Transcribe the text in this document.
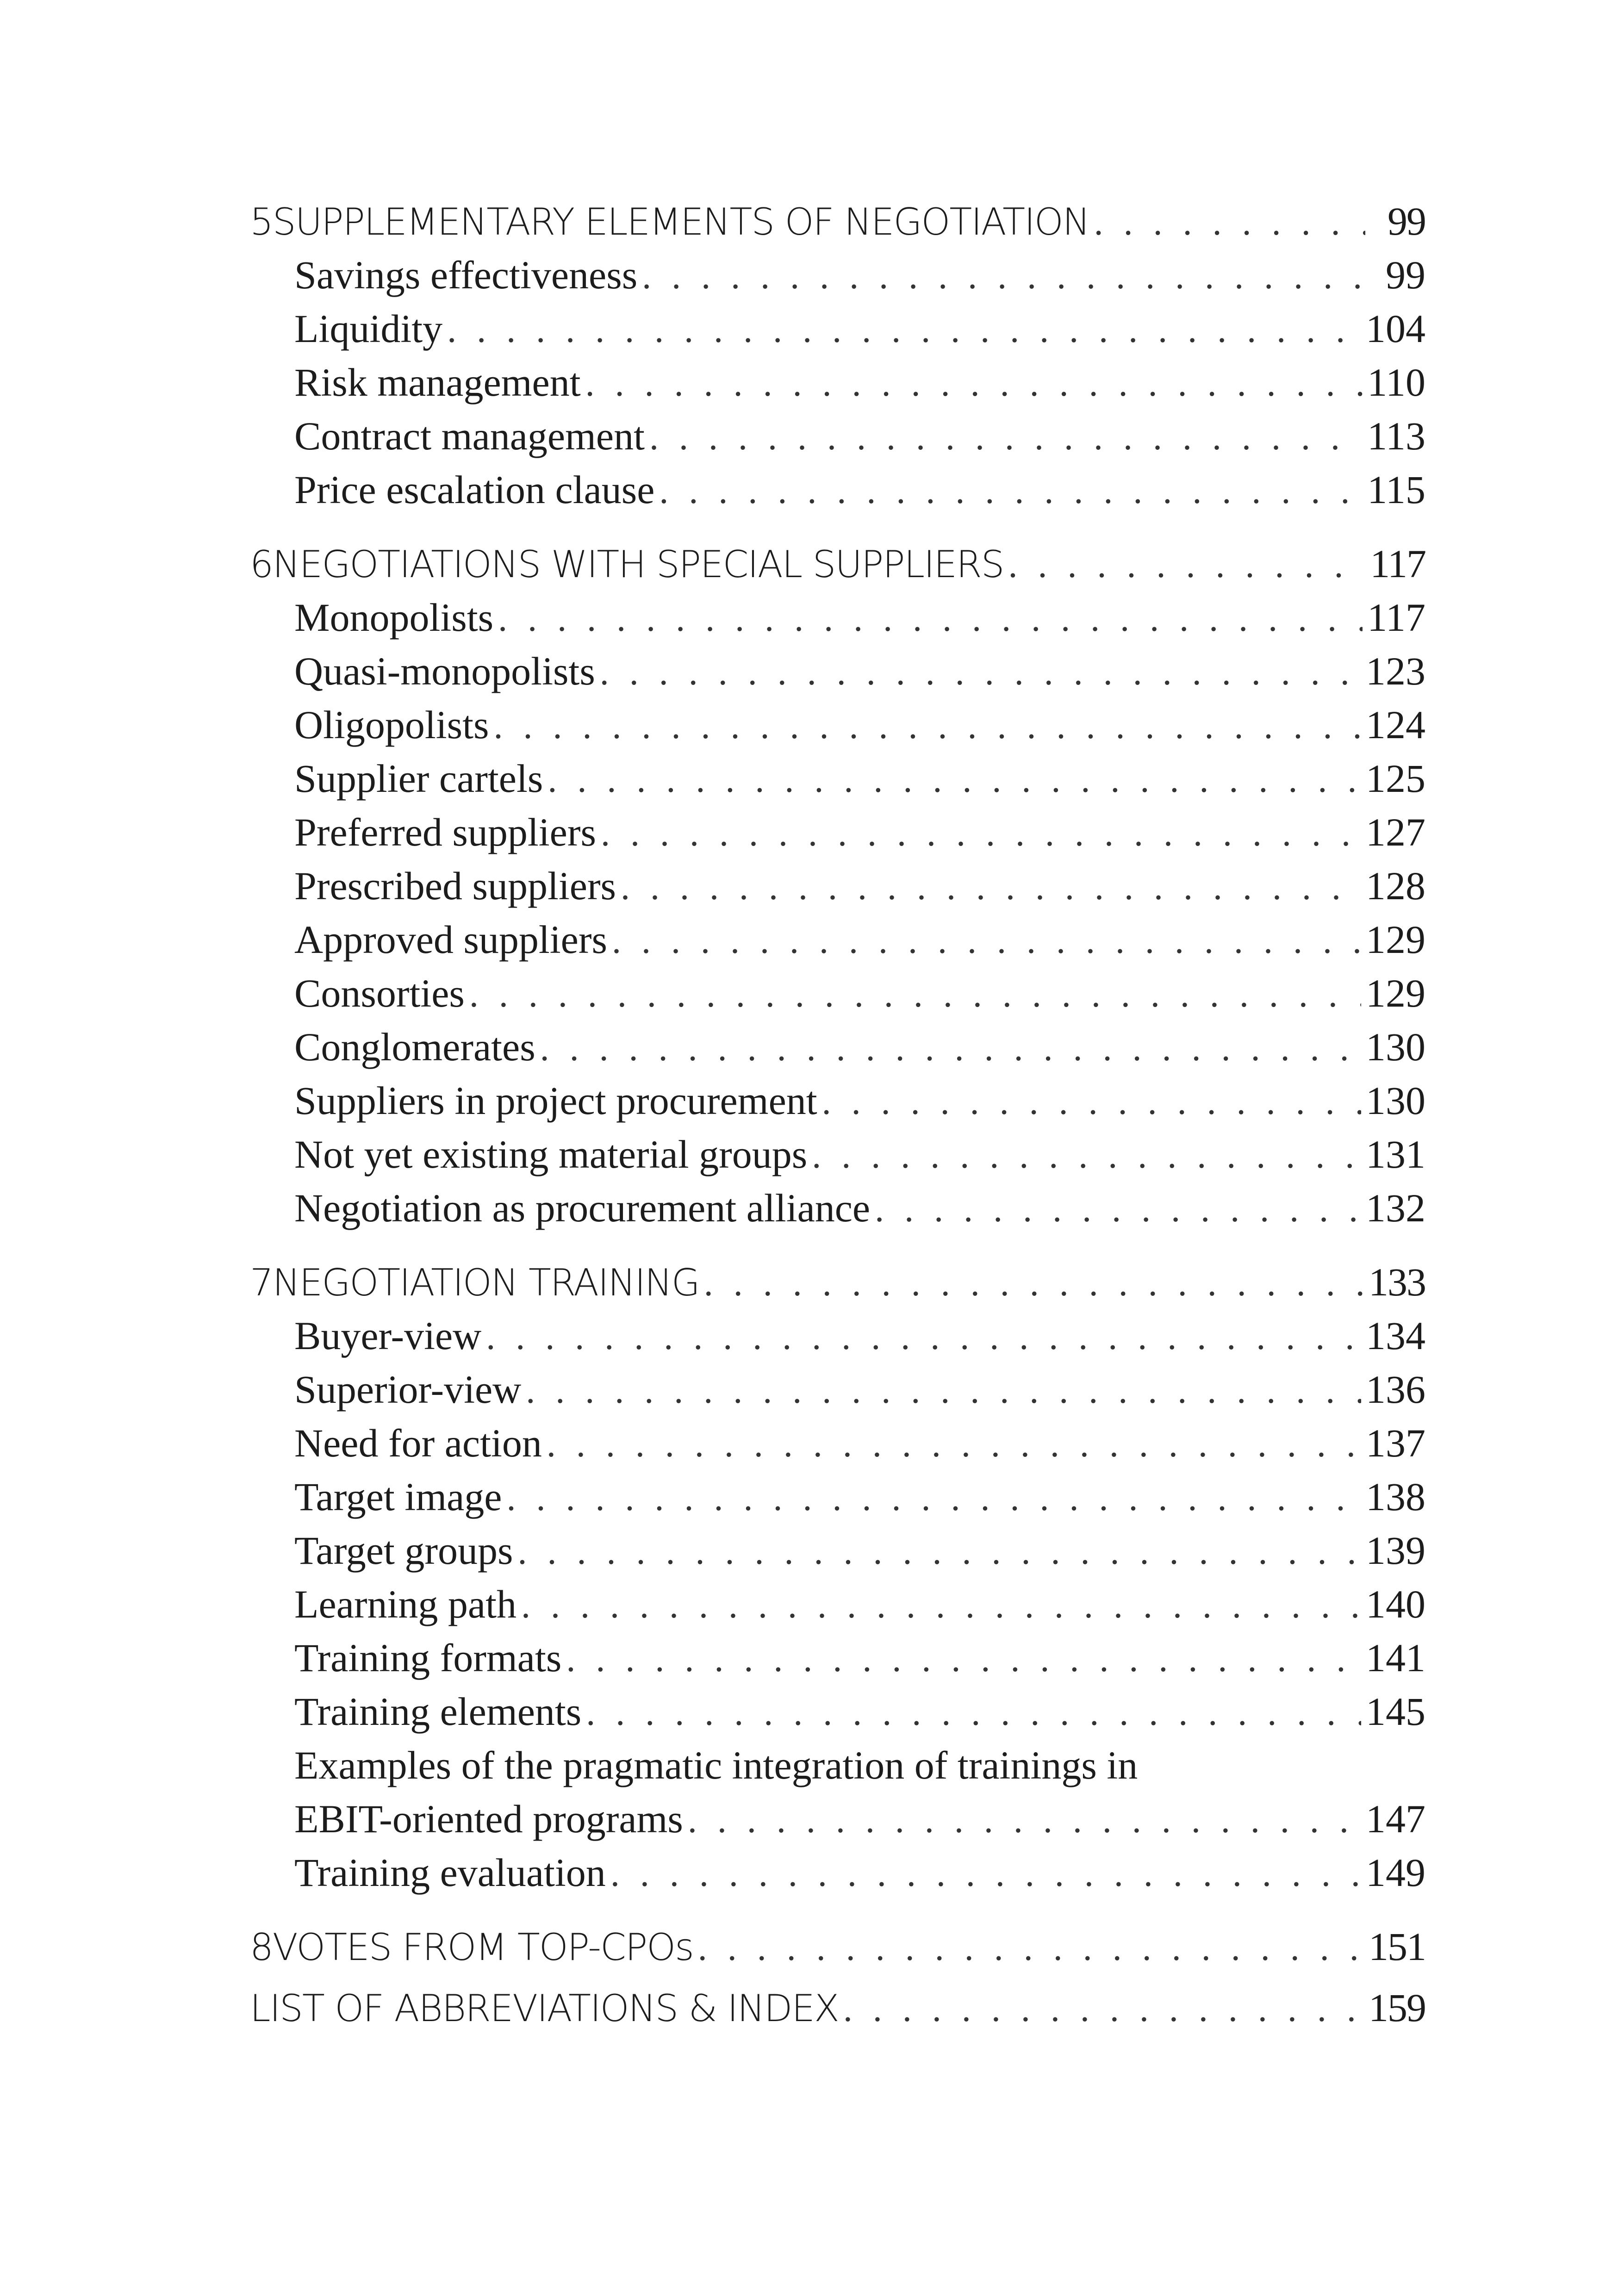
5 SUPPLEMENTARY ELEMENTS OF NEGOTIATION . . .	99
Savings effectiveness . . .	99
Liquidity . . .	104
Risk management . . .	110
Contract management . . .	113
Price escalation clause . . .	115
6 NEGOTIATIONS WITH SPECIAL SUPPLIERS . . .	117
Monopolists . . .	117
Quasi-monopolists . . .	123
Oligopolists . . .	124
Supplier cartels . . .	125
Preferred suppliers . . .	127
Prescribed suppliers . . .	128
Approved suppliers . . .	129
Consorties . . .	129
Conglomerates . . .	130
Suppliers in project procurement . . .	130
Not yet existing material groups . . .	131
Negotiation as procurement alliance . . .	132
7 NEGOTIATION TRAINING . . .	133
Buyer-view . . .	134
Superior-view . . .	136
Need for action . . .	137
Target image . . .	138
Target groups . . .	139
Learning path . . .	140
Training formats . . .	141
Training elements . . .	145
Examples of the pragmatic integration of trainings in
EBIT-oriented programs . . .	147
Training evaluation . . .	149
8 VOTES FROM TOP-CPOs . . .	151
LIST OF ABBREVIATIONS & INDEX . . .	159
